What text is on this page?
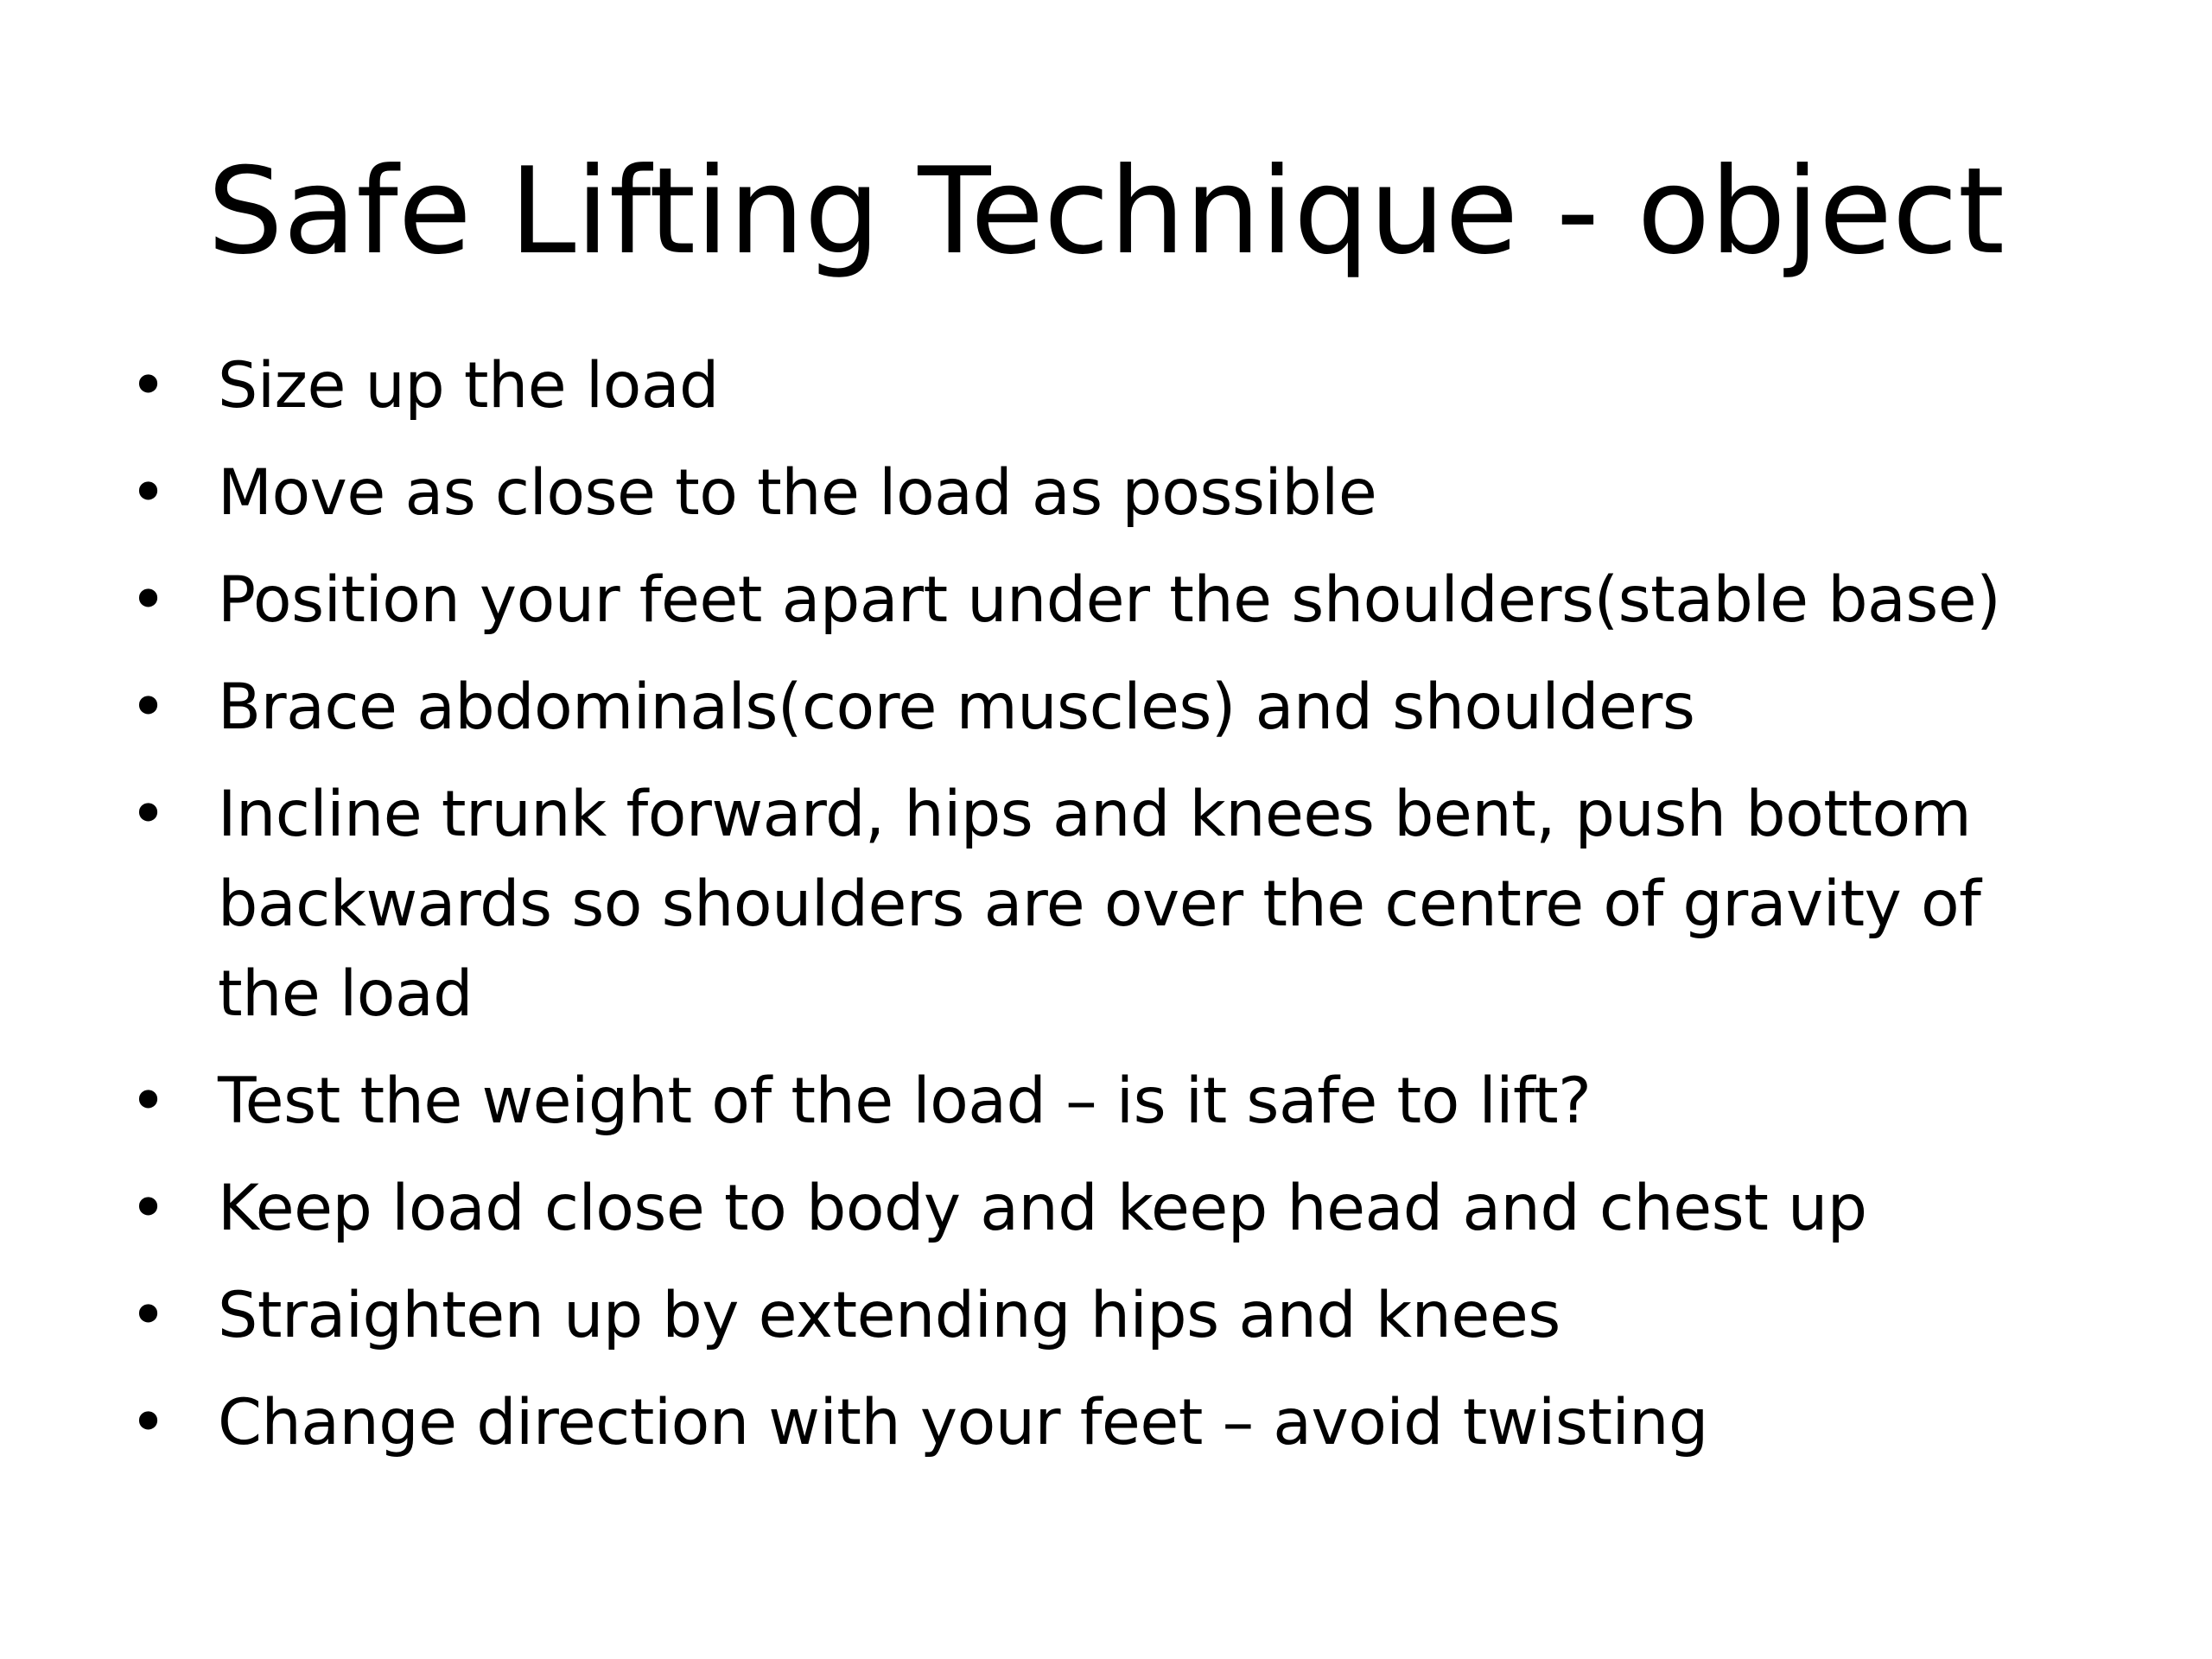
Safe Lifting Technique - object
• Size up the load
• Move as close to the load as possible
• Position your feet apart under the shoulders(stable base)
• Brace abdominals(core muscles) and shoulders
• Incline trunk forward, hips and knees bent, push bottom backwards so shoulders are over the centre of gravity of the load
• Test the weight of the load – is it safe to lift?
• Keep load close to body and keep head and chest up
• Straighten up by extending hips and knees
• Change direction with your feet – avoid twisting
